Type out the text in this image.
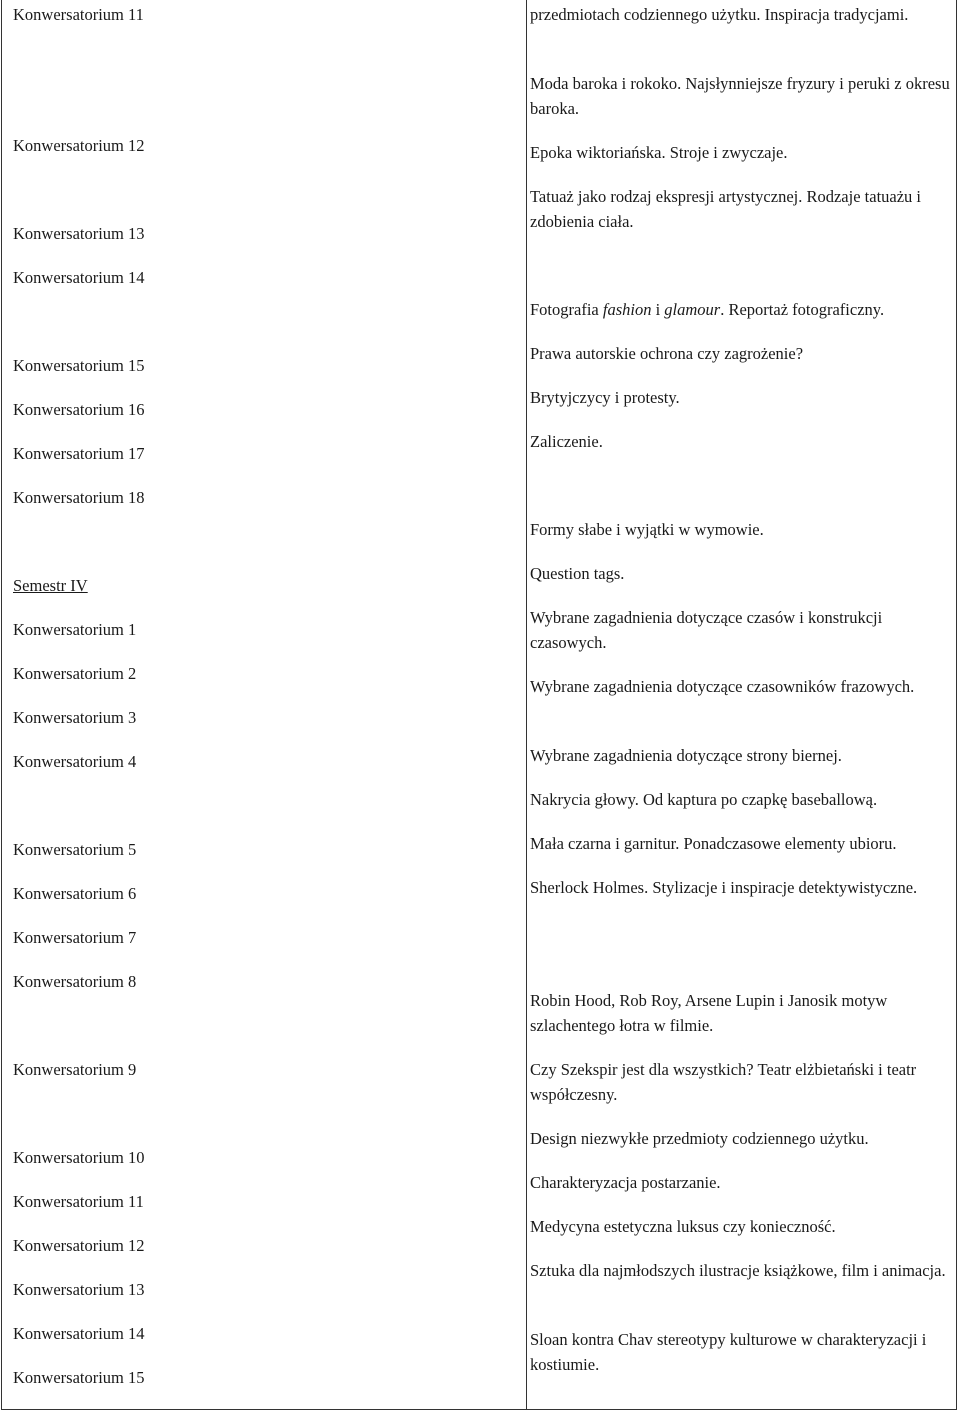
Konwersatorium 11
Konwersatorium 12
Konwersatorium 13
Konwersatorium 14
Konwersatorium 15
Konwersatorium 16
Konwersatorium 17
Konwersatorium 18
Semestr IV
Konwersatorium 1
Konwersatorium 2
Konwersatorium 3
Konwersatorium 4
Konwersatorium 5
Konwersatorium 6
Konwersatorium 7
Konwersatorium 8
Konwersatorium 9
Konwersatorium 10
Konwersatorium 11
Konwersatorium 12
Konwersatorium 13
Konwersatorium 14
Konwersatorium 15
przedmiotach codziennego użytku. Inspiracja tradycjami.
Moda baroka i rokoko. Najsłynniejsze fryzury i peruki z okresu baroka.
Epoka wiktoriańska. Stroje i zwyczaje.
Tatuaż jako rodzaj ekspresji artystycznej. Rodzaje tatuażu i zdobienia ciała.
Fotografia fashion i glamour. Reportaż fotograficzny.
Prawa autorskie ochrona czy zagrożenie?
Brytyjczycy i protesty.
Zaliczenie.
Formy słabe i wyjątki w wymowie.
Question tags.
Wybrane zagadnienia dotyczące czasów i konstrukcji czasowych.
Wybrane zagadnienia dotyczące czasowników frazowych.
Wybrane zagadnienia dotyczące strony biernej.
Nakrycia głowy. Od kaptura po czapkę baseballową.
Mała czarna i garnitur. Ponadczasowe elementy ubioru.
Sherlock Holmes. Stylizacje i inspiracje detektywistyczne.
Robin Hood, Rob Roy, Arsene Lupin i Janosik motyw szlachentego łotra w filmie.
Czy Szekspir jest dla wszystkich? Teatr elżbietański i teatr współczesny.
Design niezwykłe przedmioty codziennego użytku.
Charakteryzacja postarzanie.
Medycyna estetyczna luksus czy konieczność.
Sztuka dla najmłodszych ilustracje książkowe, film i animacja.
Sloan kontra Chav stereotypy kulturowe w charakteryzacji i kostiumie.
